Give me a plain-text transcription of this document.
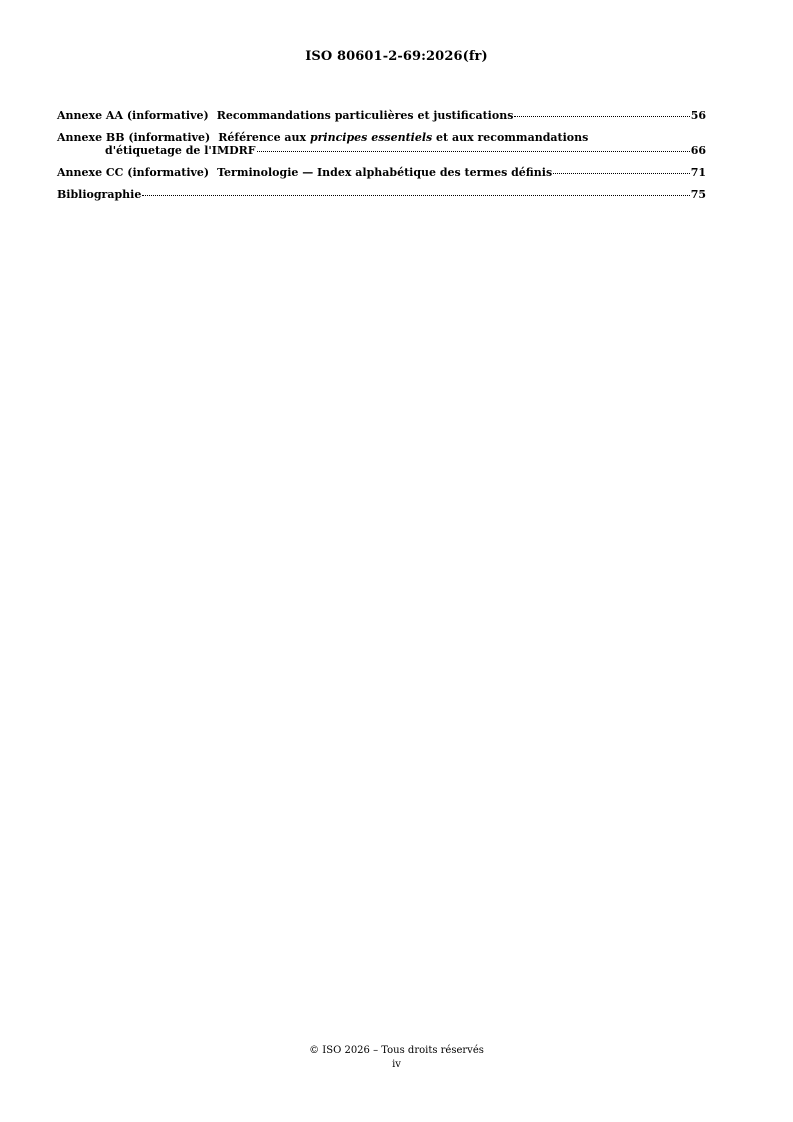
ISO 80601-2-69:2026(fr)
Annexe AA (informative) Recommandations particulières et justifications	56
Annexe BB (informative) Référence aux principes essentiels et aux recommandations
d'étiquetage de l'IMDRF	66
Annexe CC (informative) Terminologie — Index alphabétique des termes définis	71
Bibliographie	75
© ISO 2026 – Tous droits réservés
iv
